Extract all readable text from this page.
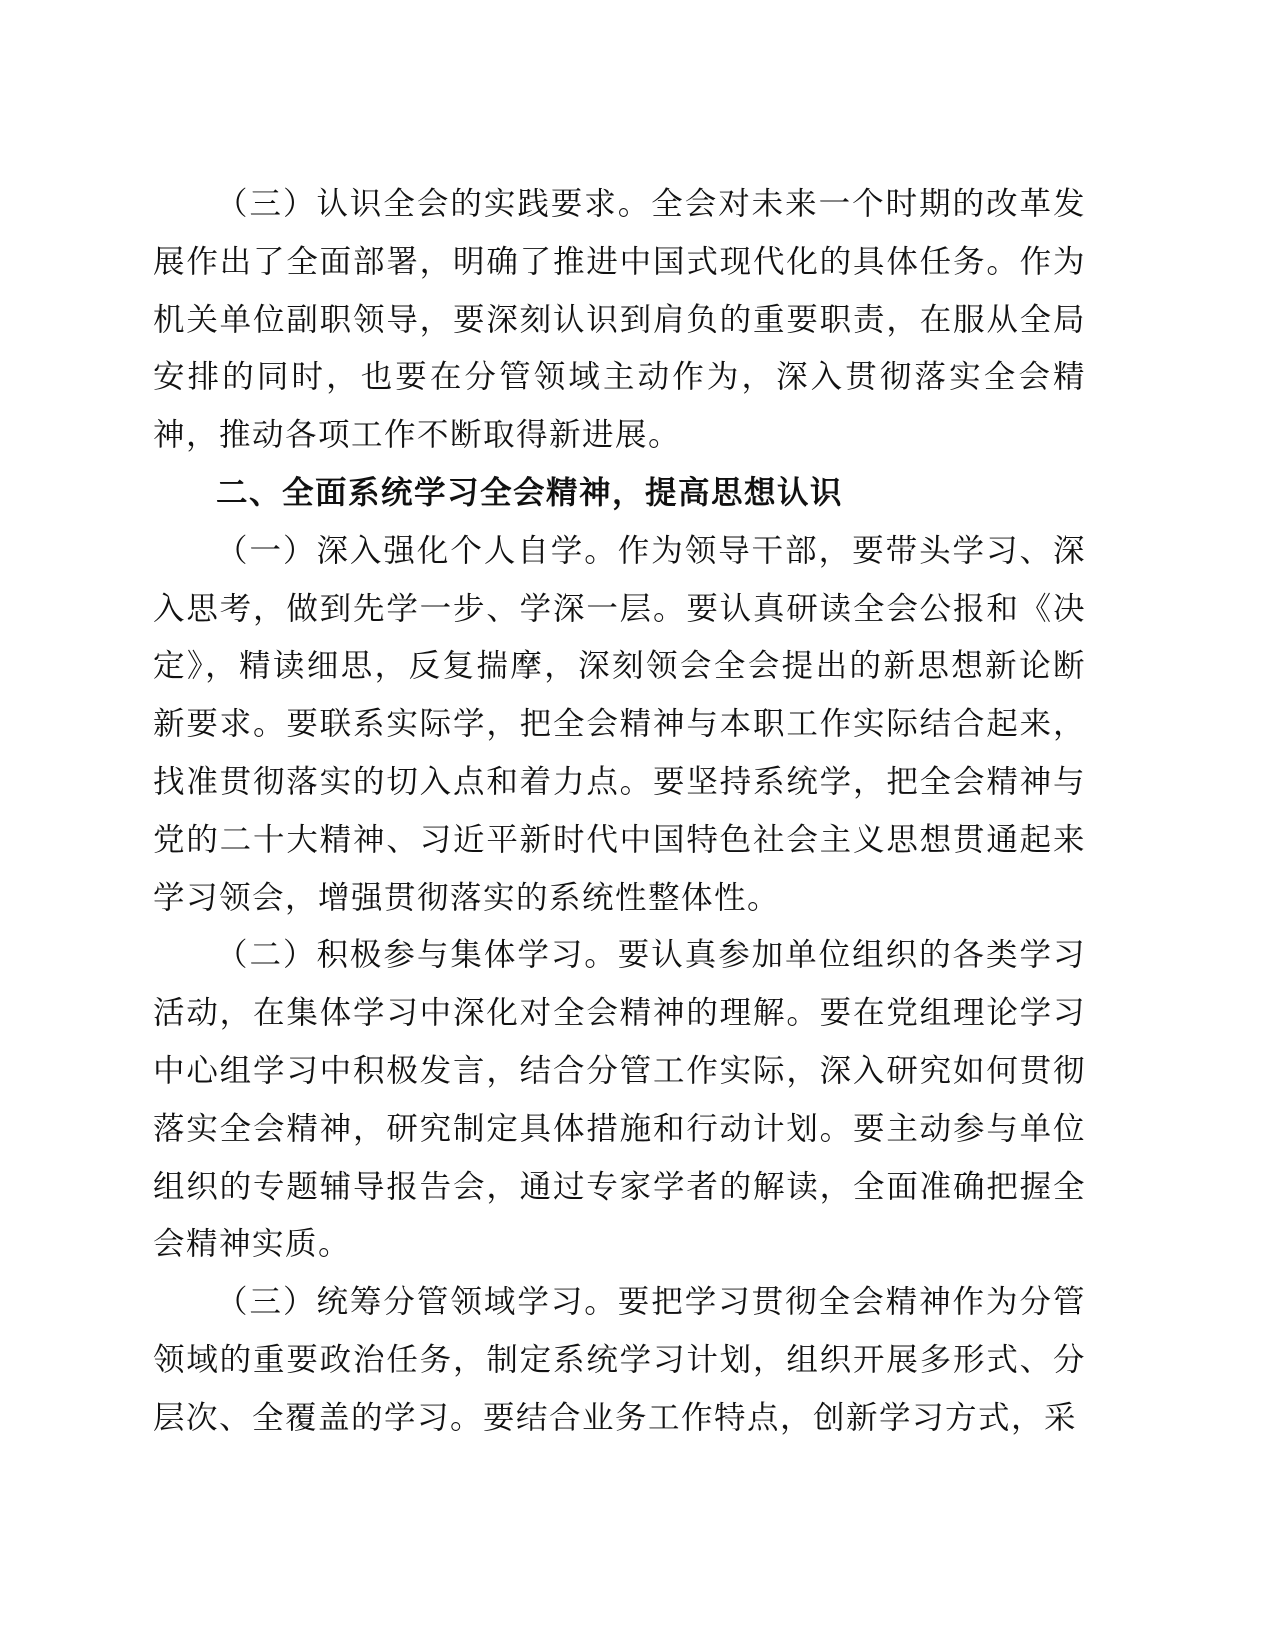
（三）认识全会的实践要求。全会对未来一个时期的改革发展作出了全面部署，明确了推进中国式现代化的具体任务。作为机关单位副职领导，要深刻认识到肩负的重要职责，在服从全局安排的同时，也要在分管领域主动作为，深入贯彻落实全会精神，推动各项工作不断取得新进展。

二、全面系统学习全会精神，提高思想认识

（一）深入强化个人自学。作为领导干部，要带头学习、深入思考，做到先学一步、学深一层。要认真研读全会公报和《决定》，精读细思，反复揣摩，深刻领会全会提出的新思想新论断新要求。要联系实际学，把全会精神与本职工作实际结合起来，找准贯彻落实的切入点和着力点。要坚持系统学，把全会精神与党的二十大精神、习近平新时代中国特色社会主义思想贯通起来学习领会，增强贯彻落实的系统性整体性。

（二）积极参与集体学习。要认真参加单位组织的各类学习活动，在集体学习中深化对全会精神的理解。要在党组理论学习中心组学习中积极发言，结合分管工作实际，深入研究如何贯彻落实全会精神，研究制定具体措施和行动计划。要主动参与单位组织的专题辅导报告会，通过专家学者的解读，全面准确把握全会精神实质。

（三）统筹分管领域学习。要把学习贯彻全会精神作为分管领域的重要政治任务，制定系统学习计划，组织开展多形式、分层次、全覆盖的学习。要结合业务工作特点，创新学习方式，采
